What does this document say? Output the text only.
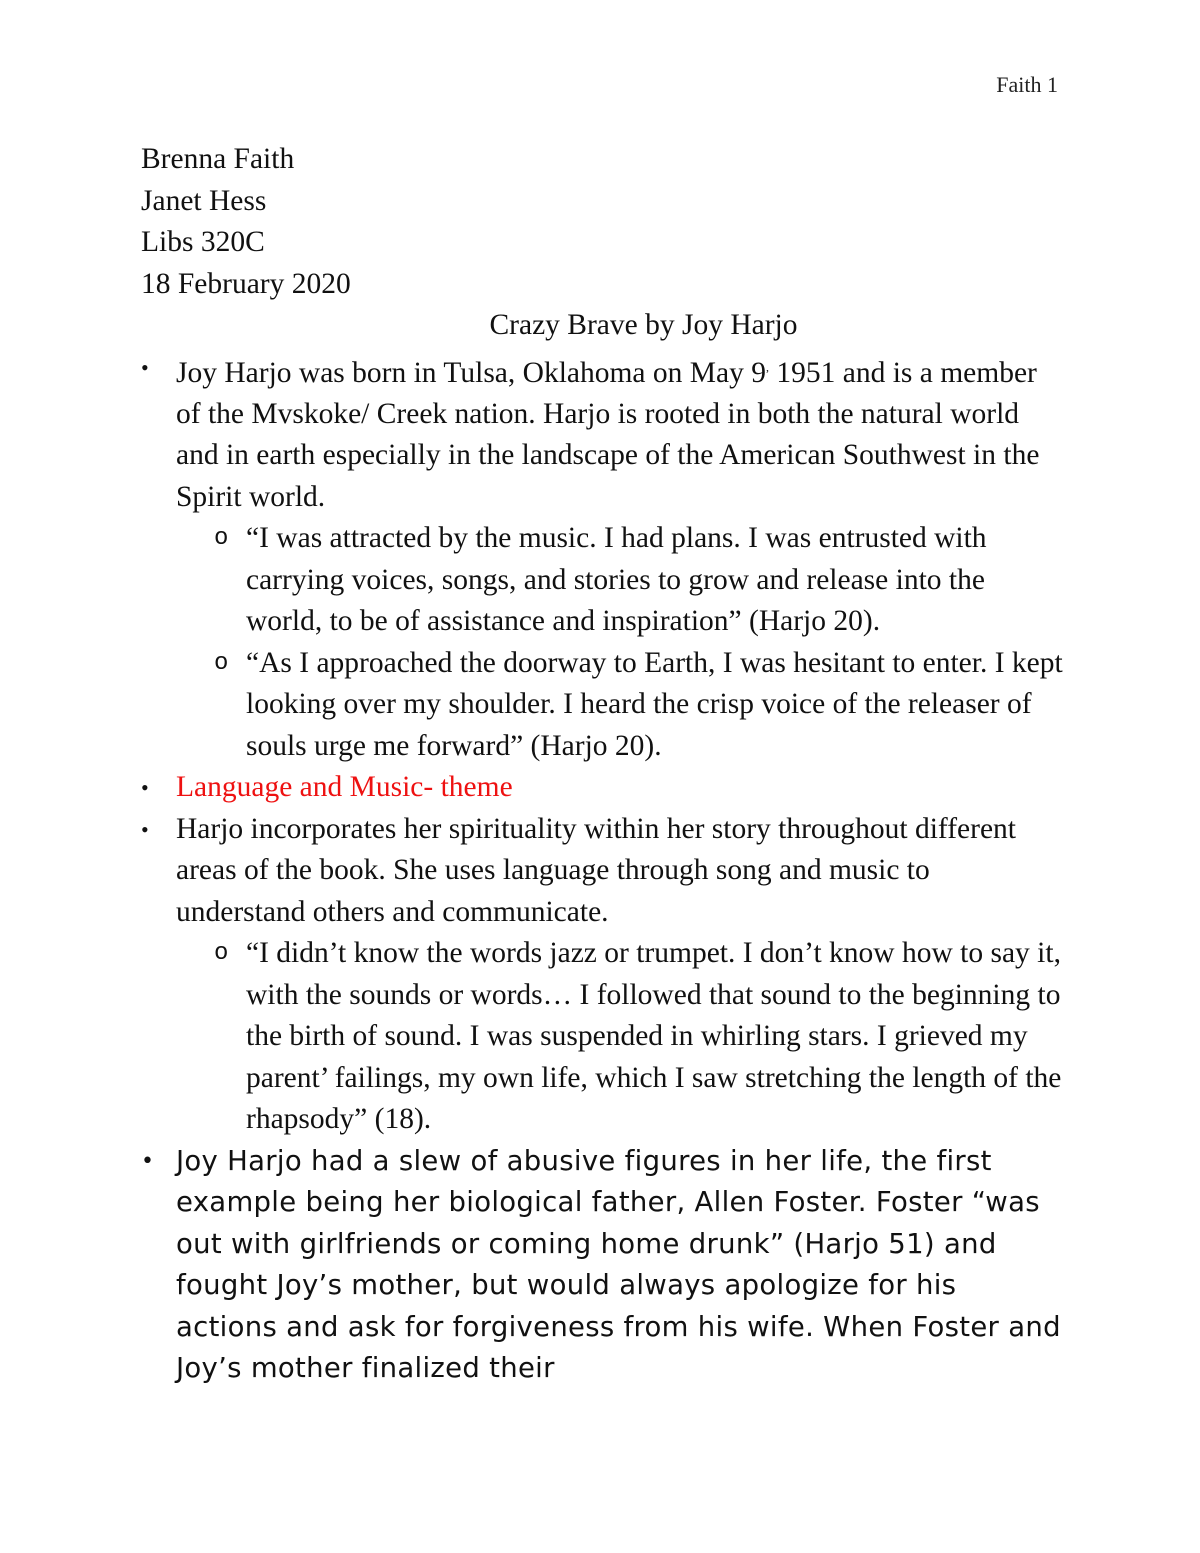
Faith 1

Brenna Faith

Janet Hess

Libs 320C

18 February 2020

Crazy Brave by Joy Harjo

• Joy Harjo was born in Tulsa, Oklahoma on May 9, 1951 and is a member of the Mvskoke/ Creek nation. Harjo is rooted in both the natural world and in earth especially in the landscape of the American Southwest in the Spirit world.
o “I was attracted by the music. I had plans. I was entrusted with carrying voices, songs, and stories to grow and release into the world, to be of assistance and inspiration” (Harjo 20).
o “As I approached the doorway to Earth, I was hesitant to enter. I kept looking over my shoulder. I heard the crisp voice of the releaser of souls urge me forward” (Harjo 20).
• Language and Music- theme
• Harjo incorporates her spirituality within her story throughout different areas of the book. She uses language through song and music to understand others and communicate.
o “I didn’t know the words jazz or trumpet. I don’t know how to say it, with the sounds or words… I followed that sound to the beginning to the birth of sound. I was suspended in whirling stars. I grieved my parent’ failings, my own life, which I saw stretching the length of the rhapsody” (18).
• Joy Harjo had a slew of abusive figures in her life, the first example being her biological father, Allen Foster. Foster “was out with girlfriends or coming home drunk” (Harjo 51) and fought Joy’s mother, but would always apologize for his actions and ask for forgiveness from his wife. When Foster and Joy’s mother finalized their
